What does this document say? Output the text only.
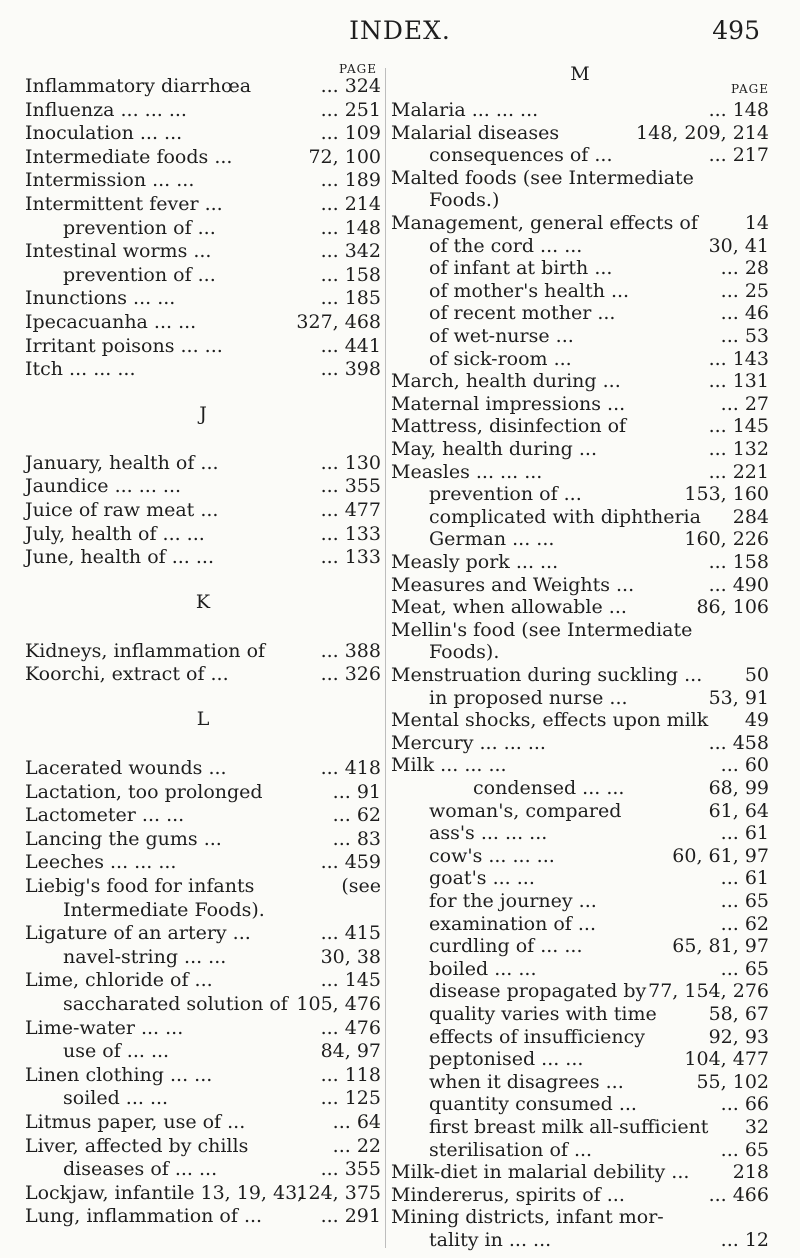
INDEX.	495
PAGE
Inflammatory diarrhœa	... 324
Influenza ... ... ...	... 251
Inoculation ... ...	... 109
Intermediate foods ...	72, 100
Intermission ... ...	... 189
Intermittent fever ...	... 214
prevention of ...	... 148
Intestinal worms ...	... 342
prevention of ...	... 158
Inunctions ... ...	... 185
Ipecacuanha ... ...	327, 468
Irritant poisons ... ...	... 441
Itch ... ... ...	... 398
J
January, health of ...	... 130
Jaundice ... ... ...	... 355
Juice of raw meat ...	... 477
July, health of ... ...	... 133
June, health of ... ...	... 133
K
Kidneys, inflammation of	... 388
Koorchi, extract of ...	... 326
L
Lacerated wounds ...	... 418
Lactation, too prolonged	... 91
Lactometer ... ...	... 62
Lancing the gums ...	... 83
Leeches ... ... ...	... 459
Liebig's food for infants	(see
Intermediate Foods).
Ligature of an artery ...	... 415
navel-string ... ...	30, 38
Lime, chloride of ...	... 145
saccharated solution of 105, 476
Lime-water ... ...	... 476
use of ... ...	84, 97
Linen clothing ... ...	... 118
soiled ... ...	... 125
Litmus paper, use of ...	... 64
Liver, affected by chills	... 22
diseases of ... ...	... 355
Lockjaw, infantile 13, 19, 43,
124, 375
Lung, inflammation of ...	... 291
M
PAGE
Malaria ... ... ...	... 148
Malarial diseases	148, 209, 214
consequences of ...	... 217
Malted foods (see Intermediate
Foods.)
Management, general effects of 14
of the cord ... ...	30, 41
of infant at birth ...	... 28
of mother's health ...	... 25
of recent mother ...	... 46
of wet-nurse ...	... 53
of sick-room ...	... 143
March, health during ...	... 131
Maternal impressions ...	... 27
Mattress, disinfection of	... 145
May, health during ...	... 132
Measles ... ... ...	... 221
prevention of ...	153, 160
complicated with diphtheria 284
German ... ...	160, 226
Measly pork ... ...	... 158
Measures and Weights ...	... 490
Meat, when allowable ...	86, 106
Mellin's food (see Intermediate
Foods).
Menstruation during suckling ... 50
in proposed nurse ...	53, 91
Mental shocks, effects upon milk 49
Mercury ... ... ...	... 458
Milk ... ... ...	... 60
condensed ... ...	68, 99
woman's, compared	61, 64
ass's ... ... ...	... 61
cow's ... ... ...	60, 61, 97
goat's ... ...	... 61
for the journey ...	... 65
examination of ...	... 62
curdling of ... ...	65, 81, 97
boiled ... ...	... 65
disease propagated by 77, 154, 276
quality varies with time	58, 67
effects of insufficiency	92, 93
peptonised ... ...	104, 477
when it disagrees ...	55, 102
quantity consumed ...	... 66
first breast milk all-sufficient 32
sterilisation of ...	... 65
Milk-diet in malarial debility ... 218
Mindererus, spirits of ...	... 466
Mining districts, infant mor-
tality in ... ...	... 12
